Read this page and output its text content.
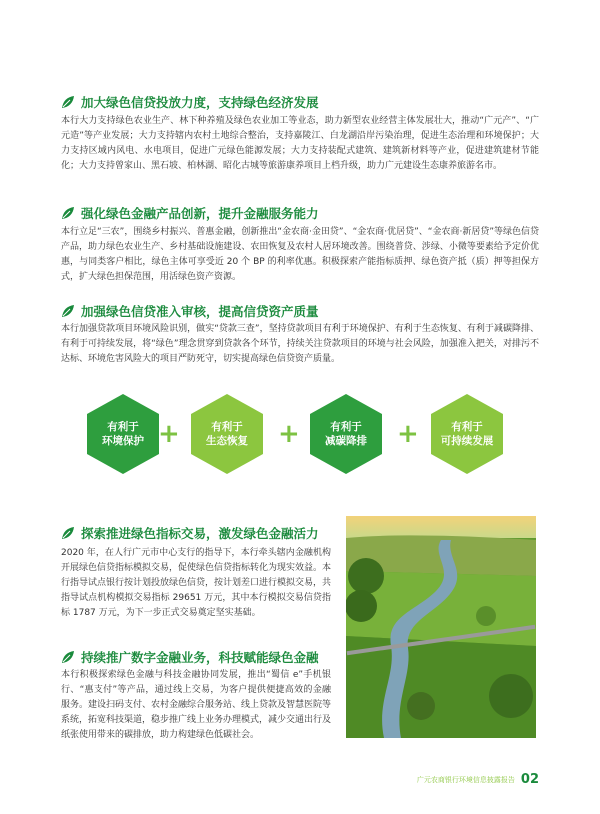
加大绿色信贷投放力度，支持绿色经济发展
本行大力支持绿色农业生产、林下种养殖及绿色农业加工等业态，助力新型农业经营主体发展壮大，推动“广元产”、“广元造”等产业发展；大力支持辖内农村土地综合整治，支持嘉陵江、白龙湖沿岸污染治理，促进生态治理和环境保护；大力支持区域内风电、水电项目，促进广元绿色能源发展；大力支持装配式建筑、建筑新材料等产业，促进建筑建材节能化；大力支持曾家山、黑石坡、柏林湖、昭化古城等旅游康养项目上档升级，助力广元建设生态康养旅游名市。
强化绿色金融产品创新，提升金融服务能力
本行立足“三农”，围绕乡村振兴、普惠金融，创新推出“金农商·金田贷”、“金农商·优居贷”、“金农商·新居贷”等绿色信贷产品，助力绿色农业生产、乡村基础设施建设、农田恢复及农村人居环境改善。围绕普贷、涉绿、小微等要素给予定价优惠，与同类客户相比，绿色主体可享受近 20 个 BP 的利率优惠。积极探索产能指标质押、绿色资产抵（质）押等担保方式，扩大绿色担保范围，用活绿色资产资源。
加强绿色信贷准入审核，提高信贷资产质量
本行加强贷款项目环境风险识别，做实“贷款三查”，坚持贷款项目有利于环境保护、有利于生态恢复、有利于减碳降排、有利于可持续发展，将“绿色”理念贯穿到贷款各个环节，持续关注贷款项目的环境与社会风险，加强准入把关，对排污不达标、环境危害风险大的项目严防死守，切实提高绿色信贷资产质量。
有利于
环境保护 +	有利于
生态恢复 +	有利于
减碳降排 +	有利于
可持续发展
探索推进绿色指标交易，激发绿色金融活力
2020 年，在人行广元市中心支行的指导下，本行牵头辖内金融机构开展绿色信贷指标模拟交易，促使绿色信贷指标转化为现实效益。本行指导试点银行按计划投放绿色信贷，按计划差口进行模拟交易，共指导试点机构模拟交易指标 29651 万元，其中本行模拟交易信贷指标 1787 万元，为下一步正式交易奠定坚实基础。
持续推广数字金融业务，科技赋能绿色金融
本行积极探索绿色金融与科技金融协同发展，推出“蜀信 e”手机银行、“惠支付”等产品，通过线上交易，为客户提供便捷高效的金融服务。建设扫码支付、农村金融综合服务站、线上贷款及智慧医院等系统，拓宽科技渠道，稳步推广线上业务办理模式，减少交通出行及纸张使用带来的碳排放，助力构建绿色低碳社会。
广元农商银行环境信息披露报告 02
